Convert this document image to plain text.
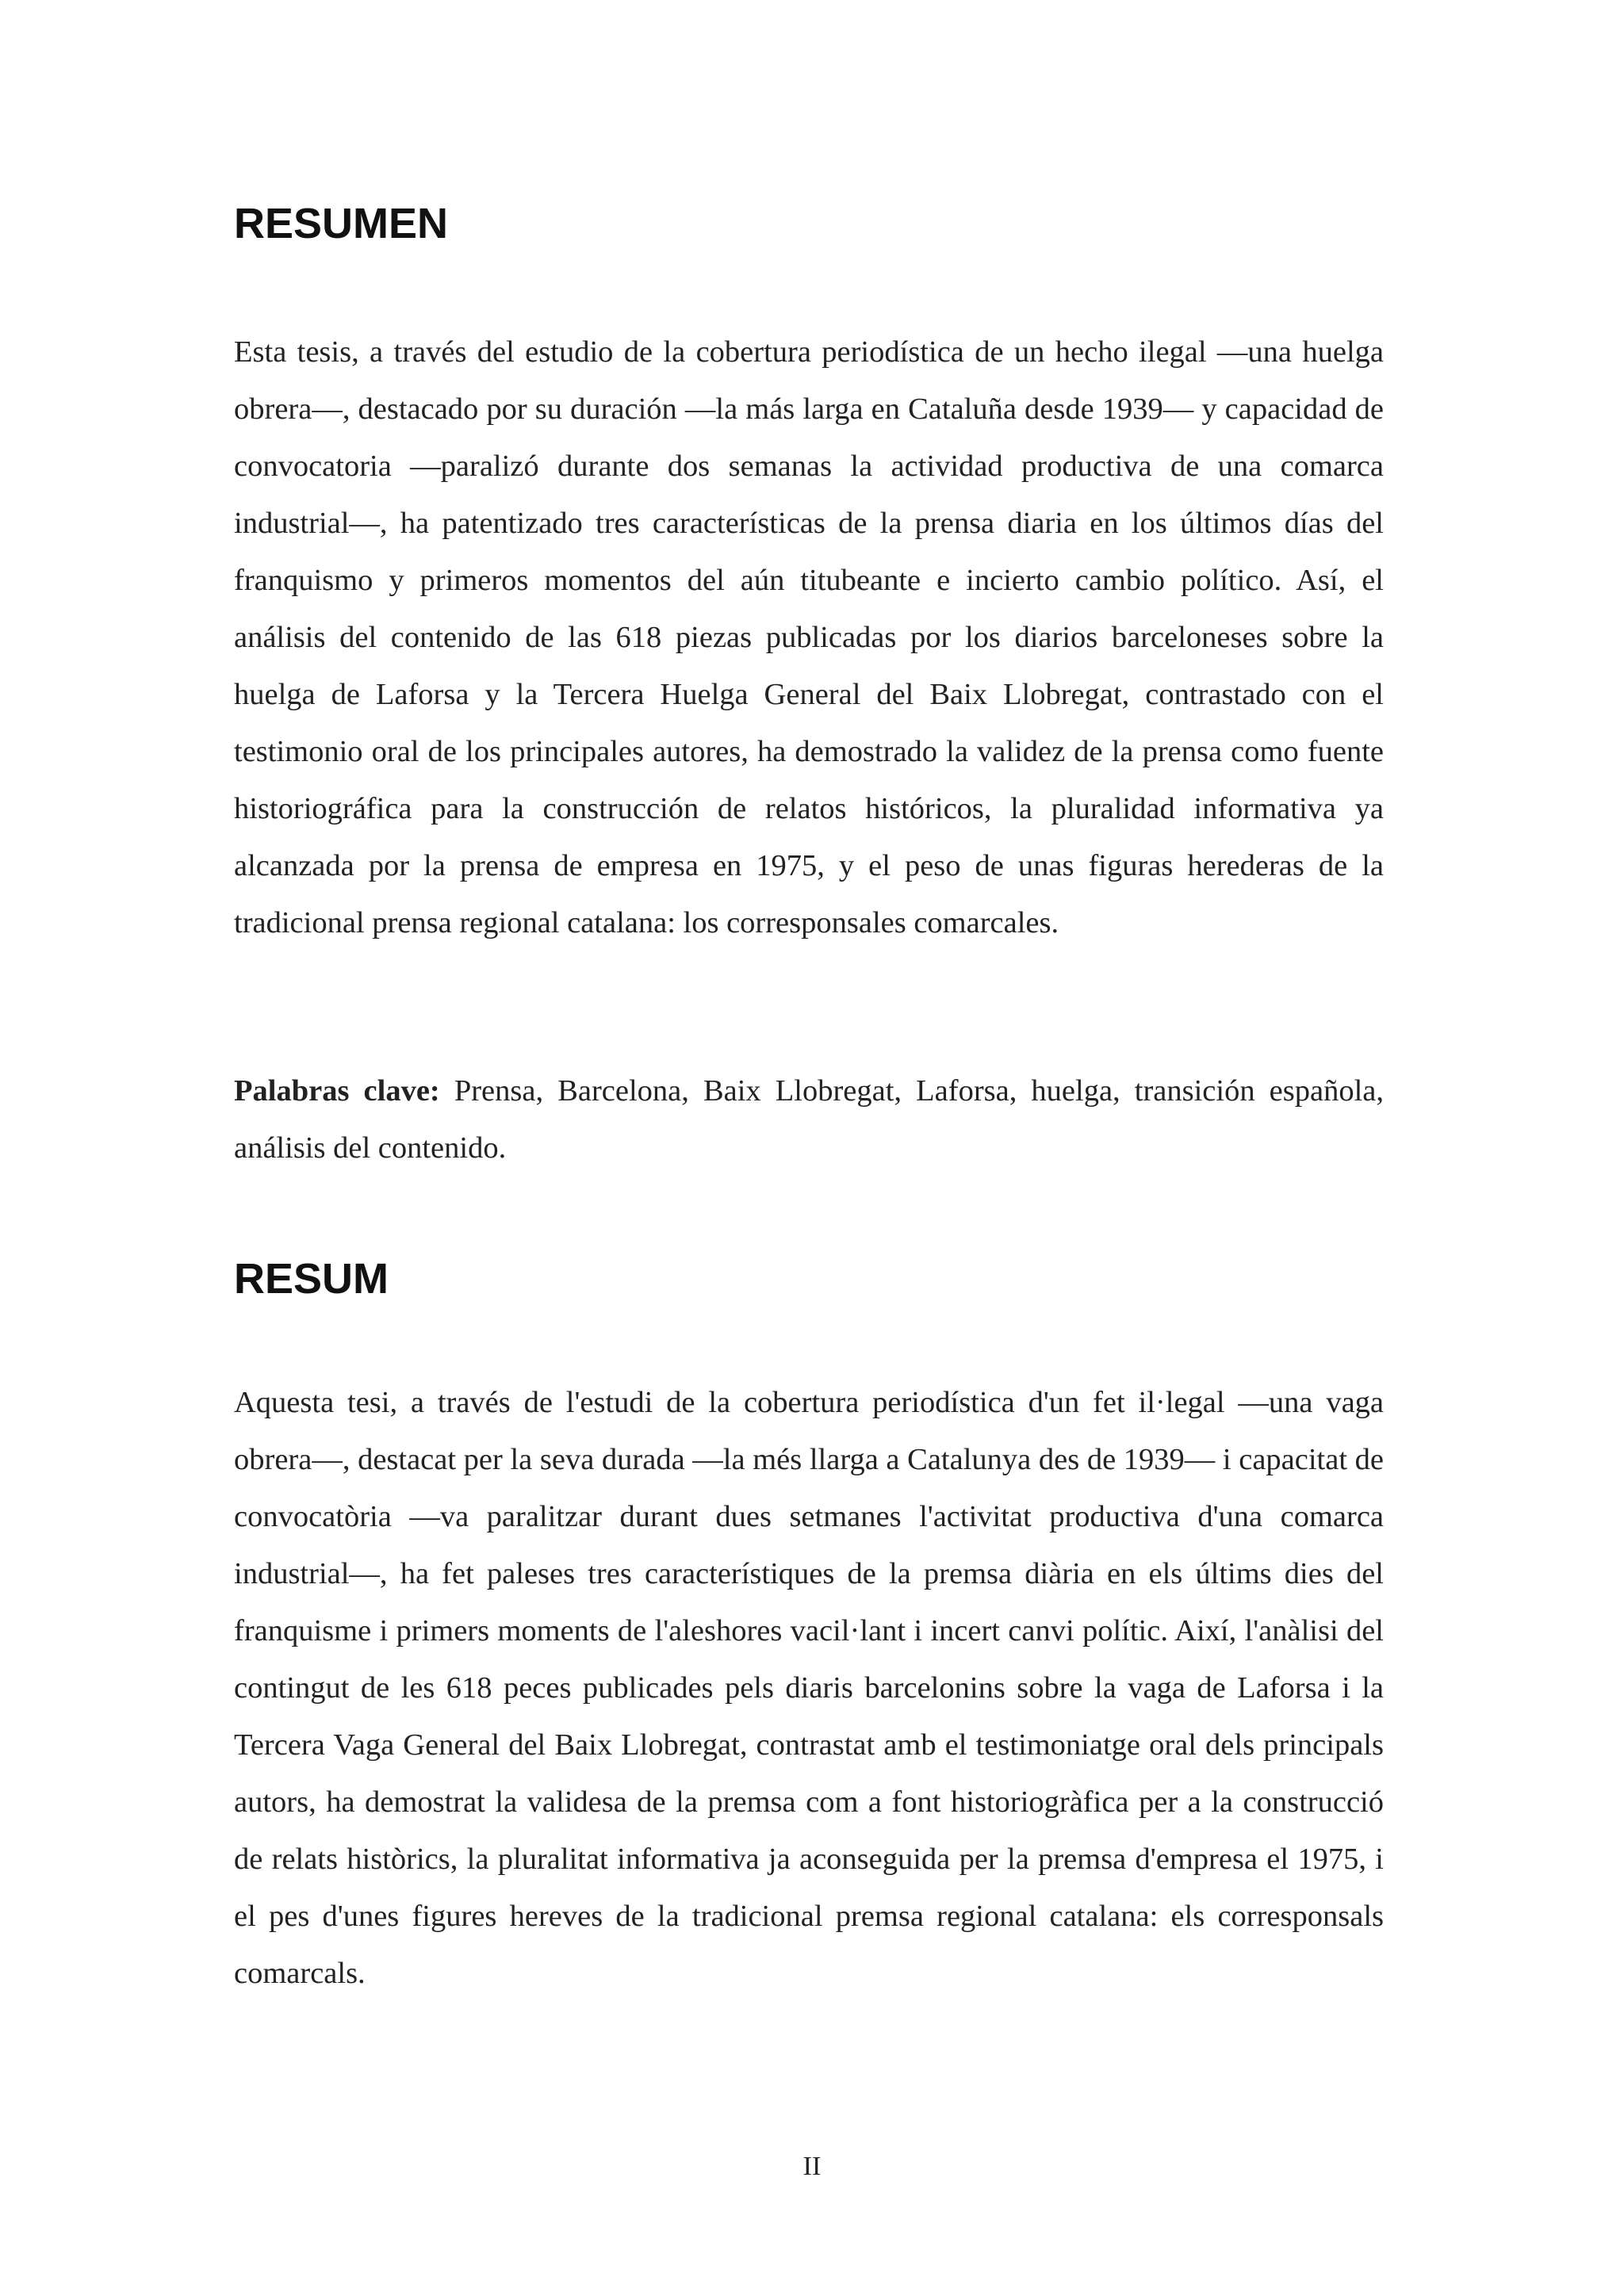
RESUMEN

Esta tesis, a través del estudio de la cobertura periodística de un hecho ilegal —una huelga obrera—, destacado por su duración —la más larga en Cataluña desde 1939— y capacidad de convocatoria —paralizó durante dos semanas la actividad productiva de una comarca industrial—, ha patentizado tres características de la prensa diaria en los últimos días del franquismo y primeros momentos del aún titubeante e incierto cambio político. Así, el análisis del contenido de las 618 piezas publicadas por los diarios barceloneses sobre la huelga de Laforsa y la Tercera Huelga General del Baix Llobregat, contrastado con el testimonio oral de los principales autores, ha demostrado la validez de la prensa como fuente historiográfica para la construcción de relatos históricos, la pluralidad informativa ya alcanzada por la prensa de empresa en 1975, y el peso de unas figuras herederas de la tradicional prensa regional catalana: los corresponsales comarcales.

Palabras clave: Prensa, Barcelona, Baix Llobregat, Laforsa, huelga, transición española, análisis del contenido.

RESUM

Aquesta tesi, a través de l'estudi de la cobertura periodística d'un fet il·legal —una vaga obrera—, destacat per la seva durada —la més llarga a Catalunya des de 1939— i capacitat de convocatòria —va paralitzar durant dues setmanes l'activitat productiva d'una comarca industrial—, ha fet paleses tres característiques de la premsa diària en els últims dies del franquisme i primers moments de l'aleshores vacil·lant i incert canvi polític. Així, l'anàlisi del contingut de les 618 peces publicades pels diaris barcelonins sobre la vaga de Laforsa i la Tercera Vaga General del Baix Llobregat, contrastat amb el testimoniatge oral dels principals autors, ha demostrat la validesa de la premsa com a font historiogràfica per a la construcció de relats històrics, la pluralitat informativa ja aconseguida per la premsa d'empresa el 1975, i el pes d'unes figures hereves de la tradicional premsa regional catalana: els corresponsals comarcals.

II
